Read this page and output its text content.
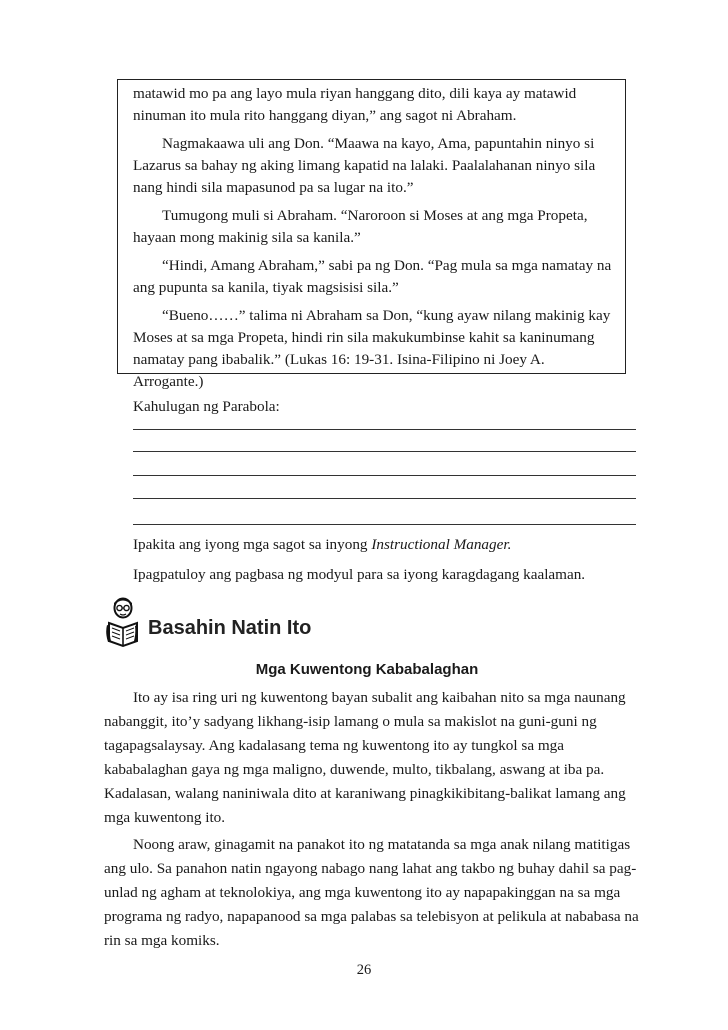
matawid mo pa ang layo mula riyan hanggang dito, dili kaya ay matawid
ninuman ito mula rito hanggang diyan,” ang sagot ni Abraham.
Nagmakaawa uli ang Don. “Maawa na kayo, Ama, papuntahin ninyo si
Lazarus sa bahay ng aking limang kapatid na lalaki. Paalalahanan ninyo sila
nang hindi sila mapasunod pa sa lugar na ito.”
Tumugong muli si Abraham. “Naroroon si Moses at ang mga Propeta,
hayaan mong makinig sila sa kanila.”
“Hindi, Amang Abraham,” sabi pa ng Don. “Pag mula sa mga namatay na
ang pupunta sa kanila, tiyak magsisisi sila.”
“Bueno……” talima ni Abraham sa Don, “kung ayaw nilang makinig kay
Moses at sa mga Propeta, hindi rin sila makukumbinse kahit sa kaninumang
namatay pang ibabalik.” (Lukas 16: 19-31. Isina-Filipino ni Joey A.
Arrogante.)
Kahulugan ng Parabola:
Ipakita ang iyong mga sagot sa inyong Instructional Manager.
Ipagpatuloy ang pagbasa ng modyul para sa iyong karagdagang kaalaman.
Basahin Natin Ito
Mga Kuwentong Kababalaghan
Ito ay isa ring uri ng kuwentong bayan subalit ang kaibahan nito sa mga naunang
nabanggit, ito’y sadyang likhang-isip lamang o mula sa makislot na guni-guni ng
tagapagsalaysay. Ang kadalasang tema ng kuwentong ito ay tungkol sa mga
kababalaghan gaya ng mga maligno, duwende, multo, tikbalang, aswang at iba pa.
Kadalasan, walang naniniwala dito at karaniwang pinagkikibitang-balikat lamang ang
mga kuwentong ito.
Noong araw, ginagamit na panakot ito ng matatanda sa mga anak nilang matitigas
ang ulo. Sa panahon natin ngayong nabago nang lahat ang takbo ng buhay dahil sa pag-
unlad ng agham at teknolokiya, ang mga kuwentong ito ay napapakinggan na sa mga
programa ng radyo, napapanood sa mga palabas sa telebisyon at pelikula at nababasa na
rin sa mga komiks.
26
